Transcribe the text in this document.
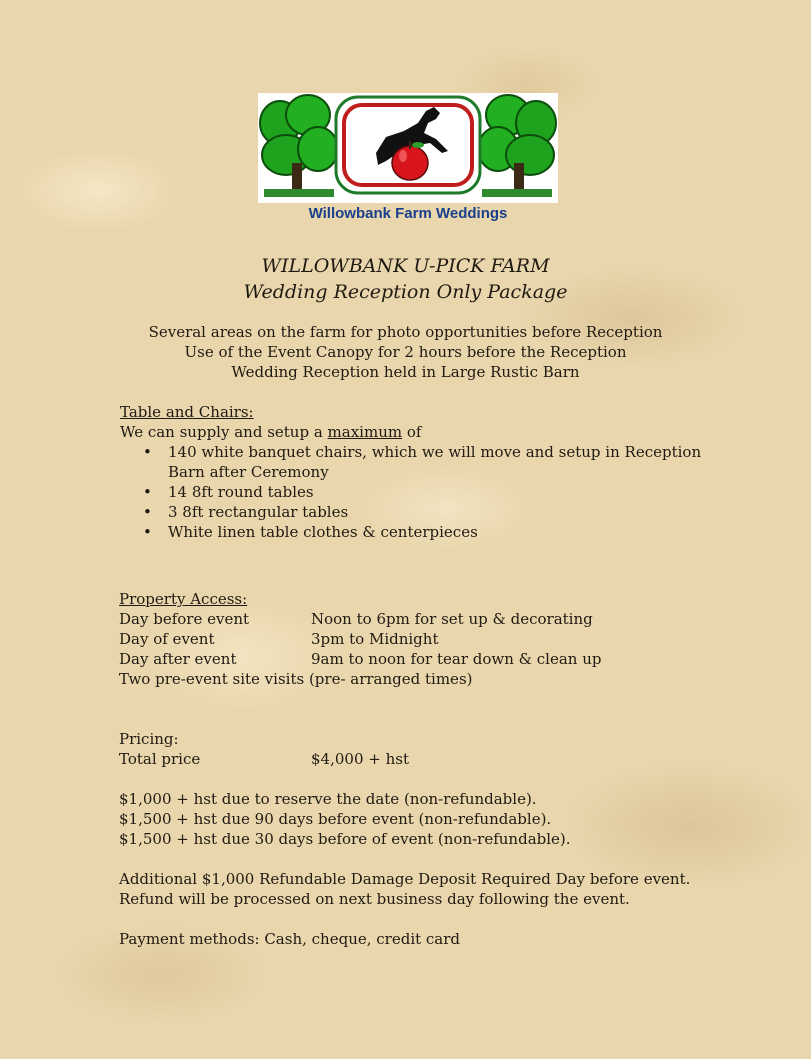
Willowbank Farm Weddings
WILLOWBANK U-PICK FARM
Wedding Reception Only Package
Several areas on the farm for photo opportunities before Reception
Use of the Event Canopy for 2 hours before the Reception
Wedding Reception held in Large Rustic Barn
Table and Chairs:
We can supply and setup a maximum of
• 140 white banquet chairs, which we will move and setup in Reception
Barn after Ceremony
• 14 8ft round tables
• 3 8ft rectangular tables
• White linen table clothes & centerpieces
Property Access:
Day before event	Noon to 6pm for set up & decorating
Day of event	3pm to Midnight
Day after event	9am to noon for tear down & clean up
Two pre-event site visits (pre- arranged times)
Pricing:
Total price	$4,000 + hst
$1,000 + hst due to reserve the date (non-refundable).
$1,500 + hst due 90 days before event (non-refundable).
$1,500 + hst due 30 days before of event (non-refundable).
Additional $1,000 Refundable Damage Deposit Required Day before event.
Refund will be processed on next business day following the event.
Payment methods: Cash, cheque, credit card
